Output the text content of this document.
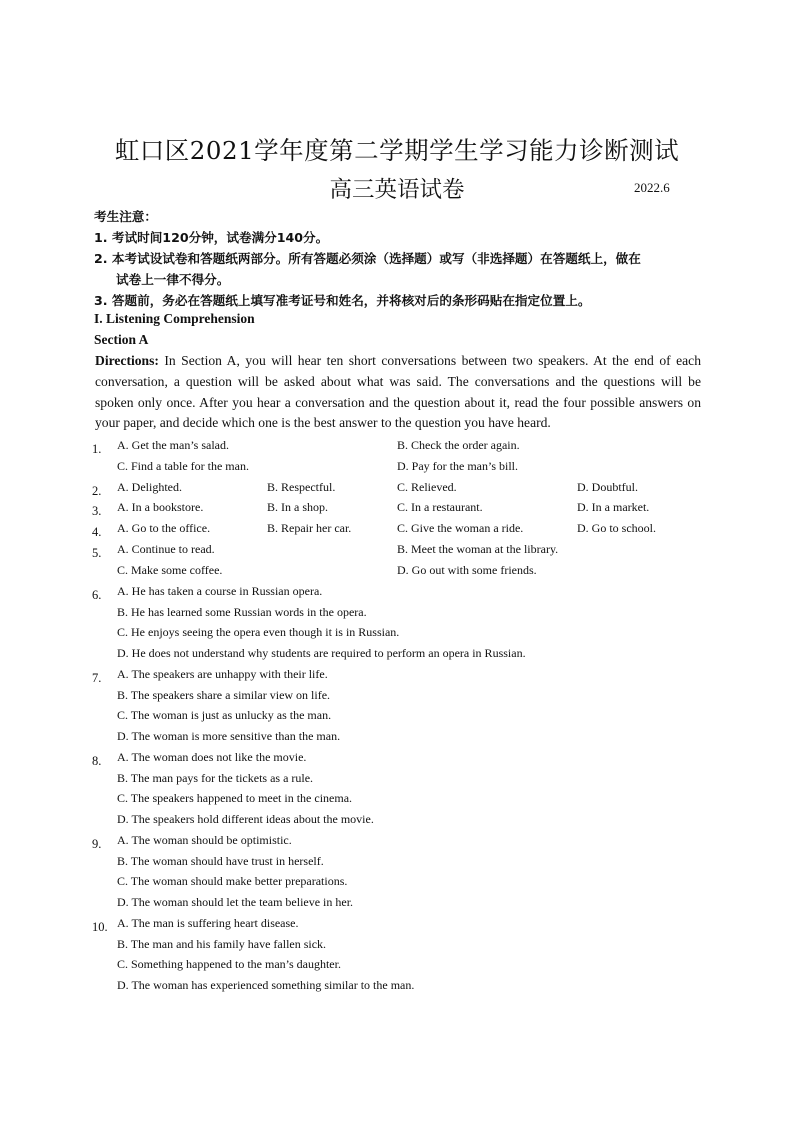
虹口区2021学年度第二学期学生学习能力诊断测试
高三英语试卷	2022.6
考生注意：
1. 考试时间120分钟，试卷满分140分。
2. 本考试设试卷和答题纸两部分。所有答题必须涂（选择题）或写（非选择题）在答题纸上，做在
试卷上一律不得分。
3. 答题前，务必在答题纸上填写准考证号和姓名，并将核对后的条形码贴在指定位置上。
I. Listening Comprehension
Section A
Directions: In Section A, you will hear ten short conversations between two speakers. At the end of each conversation, a question will be asked about what was said. The conversations and the questions will be spoken only once. After you hear a conversation and the question about it, read the four possible answers on your paper, and decide which one is the best answer to the question you have heard.
1. A. Get the man’s salad.	B. Check the order again.
C. Find a table for the man.	D. Pay for the man’s bill.
2. A. Delighted.	B. Respectful.	C. Relieved.	D. Doubtful.
3. A. In a bookstore.	B. In a shop.	C. In a restaurant.	D. In a market.
4. A. Go to the office.	B. Repair her car.	C. Give the woman a ride.	D. Go to school.
5. A. Continue to read.	B. Meet the woman at the library.
C. Make some coffee.	D. Go out with some friends.
6. A. He has taken a course in Russian opera.
B. He has learned some Russian words in the opera.
C. He enjoys seeing the opera even though it is in Russian.
D. He does not understand why students are required to perform an opera in Russian.
7. A. The speakers are unhappy with their life.
B. The speakers share a similar view on life.
C. The woman is just as unlucky as the man.
D. The woman is more sensitive than the man.
8. A. The woman does not like the movie.
B. The man pays for the tickets as a rule.
C. The speakers happened to meet in the cinema.
D. The speakers hold different ideas about the movie.
9. A. The woman should be optimistic.
B. The woman should have trust in herself.
C. The woman should make better preparations.
D. The woman should let the team believe in her.
10. A. The man is suffering heart disease.
B. The man and his family have fallen sick.
C. Something happened to the man’s daughter.
D. The woman has experienced something similar to the man.
